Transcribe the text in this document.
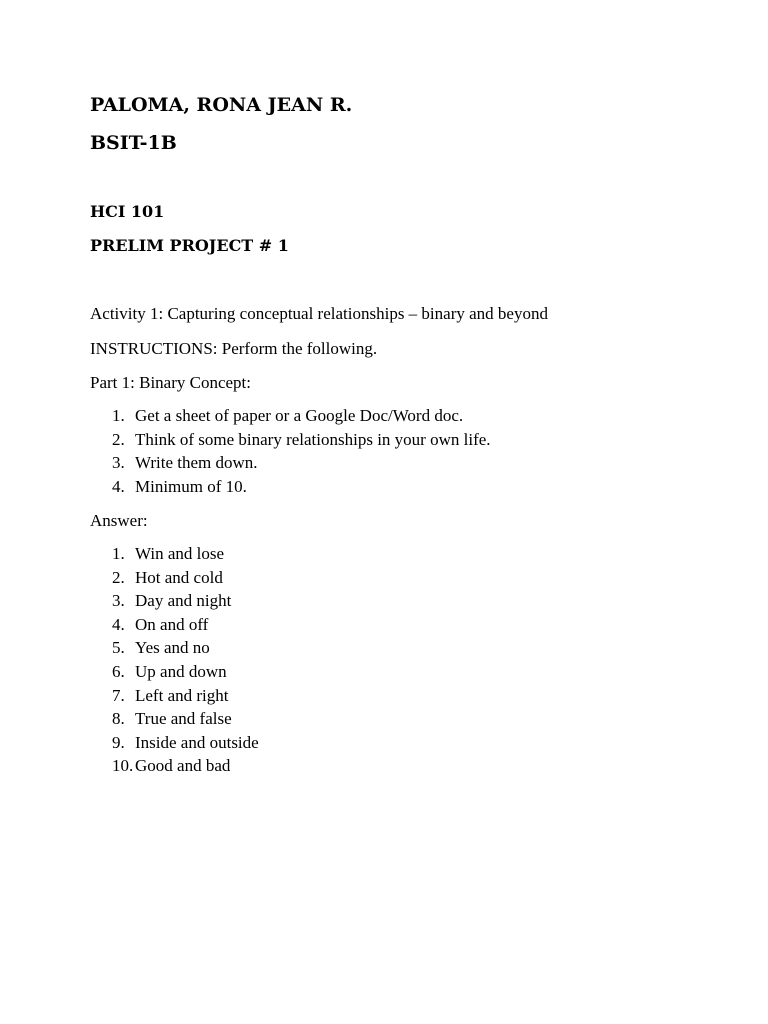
PALOMA, RONA JEAN R.
BSIT-1B
HCI 101
PRELIM PROJECT # 1
Activity 1: Capturing conceptual relationships – binary and beyond
INSTRUCTIONS: Perform the following.
Part 1: Binary Concept:
1. Get a sheet of paper or a Google Doc/Word doc.
2. Think of some binary relationships in your own life.
3. Write them down.
4. Minimum of 10.
Answer:
1. Win and lose
2. Hot and cold
3. Day and night
4. On and off
5. Yes and no
6. Up and down
7. Left and right
8. True and false
9. Inside and outside
10. Good and bad
